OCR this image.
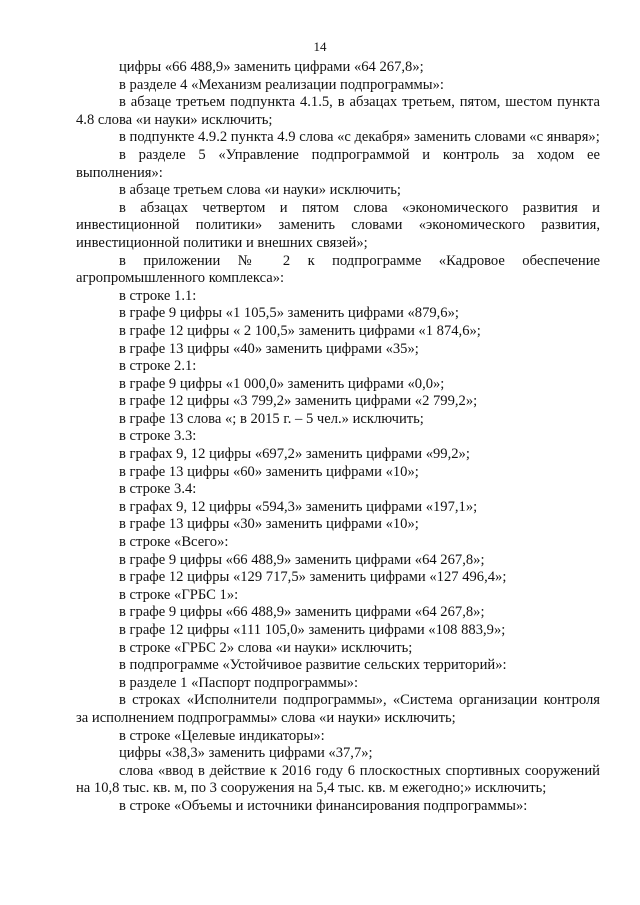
14

цифры «66 488,9» заменить цифрами «64 267,8»;

в разделе 4 «Механизм реализации подпрограммы»:

в абзаце третьем подпункта 4.1.5, в абзацах третьем, пятом, шестом пункта 4.8 слова «и науки» исключить;

в подпункте 4.9.2 пункта 4.9 слова «с декабря» заменить словами «с января»;

в разделе 5 «Управление подпрограммой и контроль за ходом ее выполнения»:

в абзаце третьем слова «и науки» исключить;

в абзацах четвертом и пятом слова «экономического развития и инвестиционной политики» заменить словами «экономического развития, инвестиционной политики и внешних связей»;

в приложении № 2 к подпрограмме «Кадровое обеспечение агропромышленного комплекса»:

в строке 1.1:

в графе 9 цифры «1 105,5» заменить цифрами «879,6»;

в графе 12 цифры « 2 100,5» заменить цифрами «1 874,6»;

в графе 13 цифры «40» заменить цифрами «35»;

в строке 2.1:

в графе 9 цифры «1 000,0» заменить цифрами «0,0»;

в графе 12 цифры «3 799,2» заменить цифрами «2 799,2»;

в графе 13 слова «; в 2015 г. – 5 чел.» исключить;

в строке 3.3:

в графах 9, 12 цифры «697,2» заменить цифрами «99,2»;

в графе 13 цифры «60» заменить цифрами «10»;

в строке 3.4:

в графах 9, 12 цифры «594,3» заменить цифрами «197,1»;

в графе 13 цифры «30» заменить цифрами «10»;

в строке «Всего»:

в графе 9 цифры «66 488,9» заменить цифрами «64 267,8»;

в графе 12 цифры «129 717,5» заменить цифрами «127 496,4»;

в строке «ГРБС 1»:

в графе 9 цифры «66 488,9» заменить цифрами «64 267,8»;

в графе 12 цифры «111 105,0» заменить цифрами «108 883,9»;

в строке «ГРБС 2» слова «и науки» исключить;

в подпрограмме «Устойчивое развитие сельских территорий»:

в разделе 1 «Паспорт подпрограммы»:

в строках «Исполнители подпрограммы», «Система организации контроля за исполнением подпрограммы» слова «и науки» исключить;

в строке «Целевые индикаторы»:

цифры «38,3» заменить цифрами «37,7»;

слова «ввод в действие к 2016 году 6 плоскостных спортивных сооружений на 10,8 тыс. кв. м, по 3 сооружения на 5,4 тыс. кв. м ежегодно;» исключить;

в строке «Объемы и источники финансирования подпрограммы»:
